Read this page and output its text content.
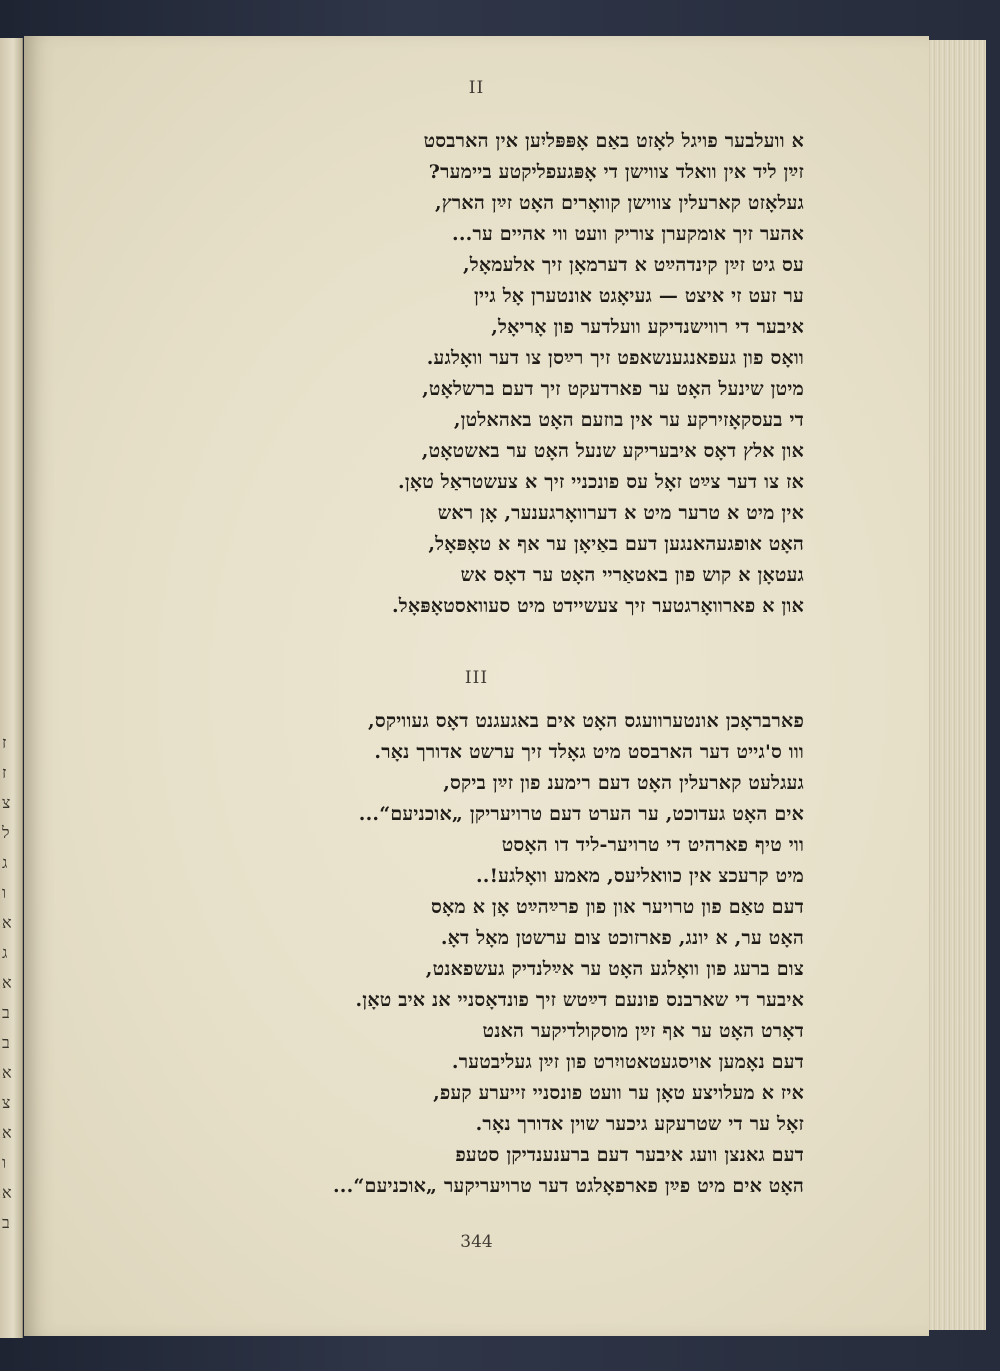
ז
ז
צ
ל
ג
ו
א
ג
א
ב
ב
א
צ
א
ו
א
ב
II
א וועלבער פויגל לאָזט באַם אָפּפּליִען אין הארבסט
זײַן ליד אין וואלד צווישן די אָפּגעפליקטע ביימער?
געלאָזט קארעלין צווישן קוואָרים האָט זײַן הארץ,
אהער זיך אומקערן צוריק וועט ווי אהיים ער...
עס גיט זײַן קינדהײַט א דערמאָן זיך אלעמאָל,
ער זעט זי איצט — געיאָגט אונטערן אָל גיין
איבער די רווישנדיקע וועלדער פון אָריאָל,
וואָס פון געפאנגענשאפט זיך רײַסן צו דער וואָלגע.
מיטן שינעל האָט ער פארדעקט זיך דעם ברשלאָט,
די בעסקאָזירקע ער אין בוזעם האָט באהאלטן,
און אלץ דאָס איבעריקע שנעל האָט ער באשטאָט,
אז צו דער צײַט זאָל עס פונכניי זיך א צעשטראַל טאָן.
אין מיט א טרער מיט א דערוואָרגענער, אָן ראש
האָט אופגעהאנגען דעם באַיאָן ער אף א טאָפּאָל,
געטאָן א קוש פון באטאַריי האָט ער דאָס אש
און א פארוואָרגטער זיך צעשיידט מיט סעוואסטאָפּאָל.
III
פארבראָכן אונטערוועגס האָט אים באגעגנט דאָס געוויקס,
ווו ס'גייט דער הארבסט מיט גאָלד זיך ערשט אדורך נאָר.
געגלעט קארעלין האָט דעם רימענ פון זײַן ביקס,
אים האָט געדוכט, ער הערט דעם טרויעריקן „אוכניעם“...
ווי טיף פארהיט די טרויער-ליד דו האָסט
מיט קרעכצ אין כוואליעס, מאמע וואָלגע!..
דעם טאַם פון טרויער און פון פרײַהײַט אָן א מאָס
האָט ער, א יונג, פארזוכט צום ערשטן מאָל דאָ.
צום ברעג פון וואָלגע האָט ער אײַלנדיק געשפאנט,
איבער די שארבנס פונעם דײַטש זיך פונדאָסניי אנ איב טאָן.
דאָרט האָט ער אף זײַן מוסקולדיקער האנט
דעם נאָמען אויסגעטאטויִרט פון זײַן געליבטער.
איז א מעלויצע טאָן ער וועט פונסניי זייערע קעפ,
זאָל ער די שטרעקע גיכער שוין אדורך נאָר.
דעם גאנצן וועג איבער דעם ברענענדיקן סטעפ
האָט אים מיט פײַן פארפאָלגט דער טרויעריקער „אוכניעם“...
344
